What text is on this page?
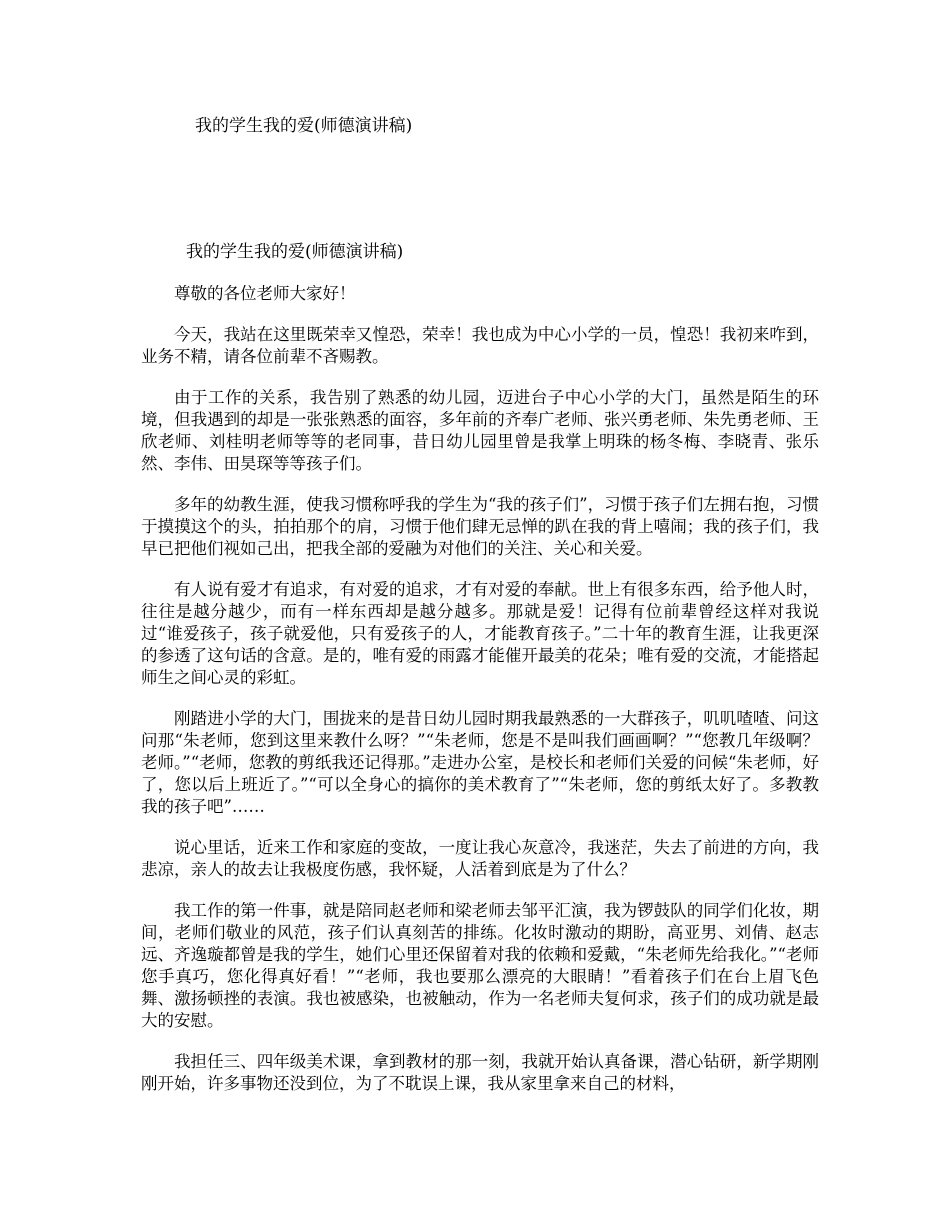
我的学生我的爱(师德演讲稿)
我的学生我的爱(师德演讲稿)

尊敬的各位老师大家好！

今天，我站在这里既荣幸又惶恐，荣幸！我也成为中心小学的一员，惶恐！我初来咋到，业务不精，请各位前辈不吝赐教。

由于工作的关系，我告别了熟悉的幼儿园，迈进台子中心小学的大门，虽然是陌生的环境，但我遇到的却是一张张熟悉的面容，多年前的齐奉广老师、张兴勇老师、朱先勇老师、王欣老师、刘桂明老师等等的老同事，昔日幼儿园里曾是我掌上明珠的杨冬梅、李晓青、张乐然、李伟、田昊琛等等孩子们。

多年的幼教生涯，使我习惯称呼我的学生为“我的孩子们”，习惯于孩子们左拥右抱，习惯于摸摸这个的头，拍拍那个的肩，习惯于他们肆无忌惮的趴在我的背上嘻闹；我的孩子们，我早已把他们视如己出，把我全部的爱融为对他们的关注、关心和关爱。

有人说有爱才有追求，有对爱的追求，才有对爱的奉献。世上有很多东西，给予他人时，往往是越分越少，而有一样东西却是越分越多。那就是爱！记得有位前辈曾经这样对我说过“谁爱孩子，孩子就爱他，只有爱孩子的人，才能教育孩子。”二十年的教育生涯，让我更深的参透了这句话的含意。是的，唯有爱的雨露才能催开最美的花朵；唯有爱的交流，才能搭起师生之间心灵的彩虹。

刚踏进小学的大门，围拢来的是昔日幼儿园时期我最熟悉的一大群孩子，叽叽喳喳、问这问那“朱老师，您到这里来教什么呀？”“朱老师，您是不是叫我们画画啊？”“您教几年级啊？老师。”“老师，您教的剪纸我还记得那。”走进办公室，是校长和老师们关爱的问候“朱老师，好了，您以后上班近了。”“可以全身心的搞你的美术教育了”“朱老师，您的剪纸太好了。多教教我的孩子吧”……

说心里话，近来工作和家庭的变故，一度让我心灰意冷，我迷茫，失去了前进的方向，我悲凉，亲人的故去让我极度伤感，我怀疑，人活着到底是为了什么？

我工作的第一件事，就是陪同赵老师和梁老师去邹平汇演，我为锣鼓队的同学们化妆，期间，老师们敬业的风范，孩子们认真刻苦的排练。化妆时激动的期盼，高亚男、刘倩、赵志远、齐逸璇都曾是我的学生，她们心里还保留着对我的依赖和爱戴，“朱老师先给我化。”“老师您手真巧，您化得真好看！”“老师，我也要那么漂亮的大眼睛！”看着孩子们在台上眉飞色舞、激扬顿挫的表演。我也被感染，也被触动，作为一名老师夫复何求，孩子们的成功就是最大的安慰。

我担任三、四年级美术课，拿到教材的那一刻，我就开始认真备课，潜心钻研，新学期刚刚开始，许多事物还没到位，为了不耽误上课，我从家里拿来自己的材料，
